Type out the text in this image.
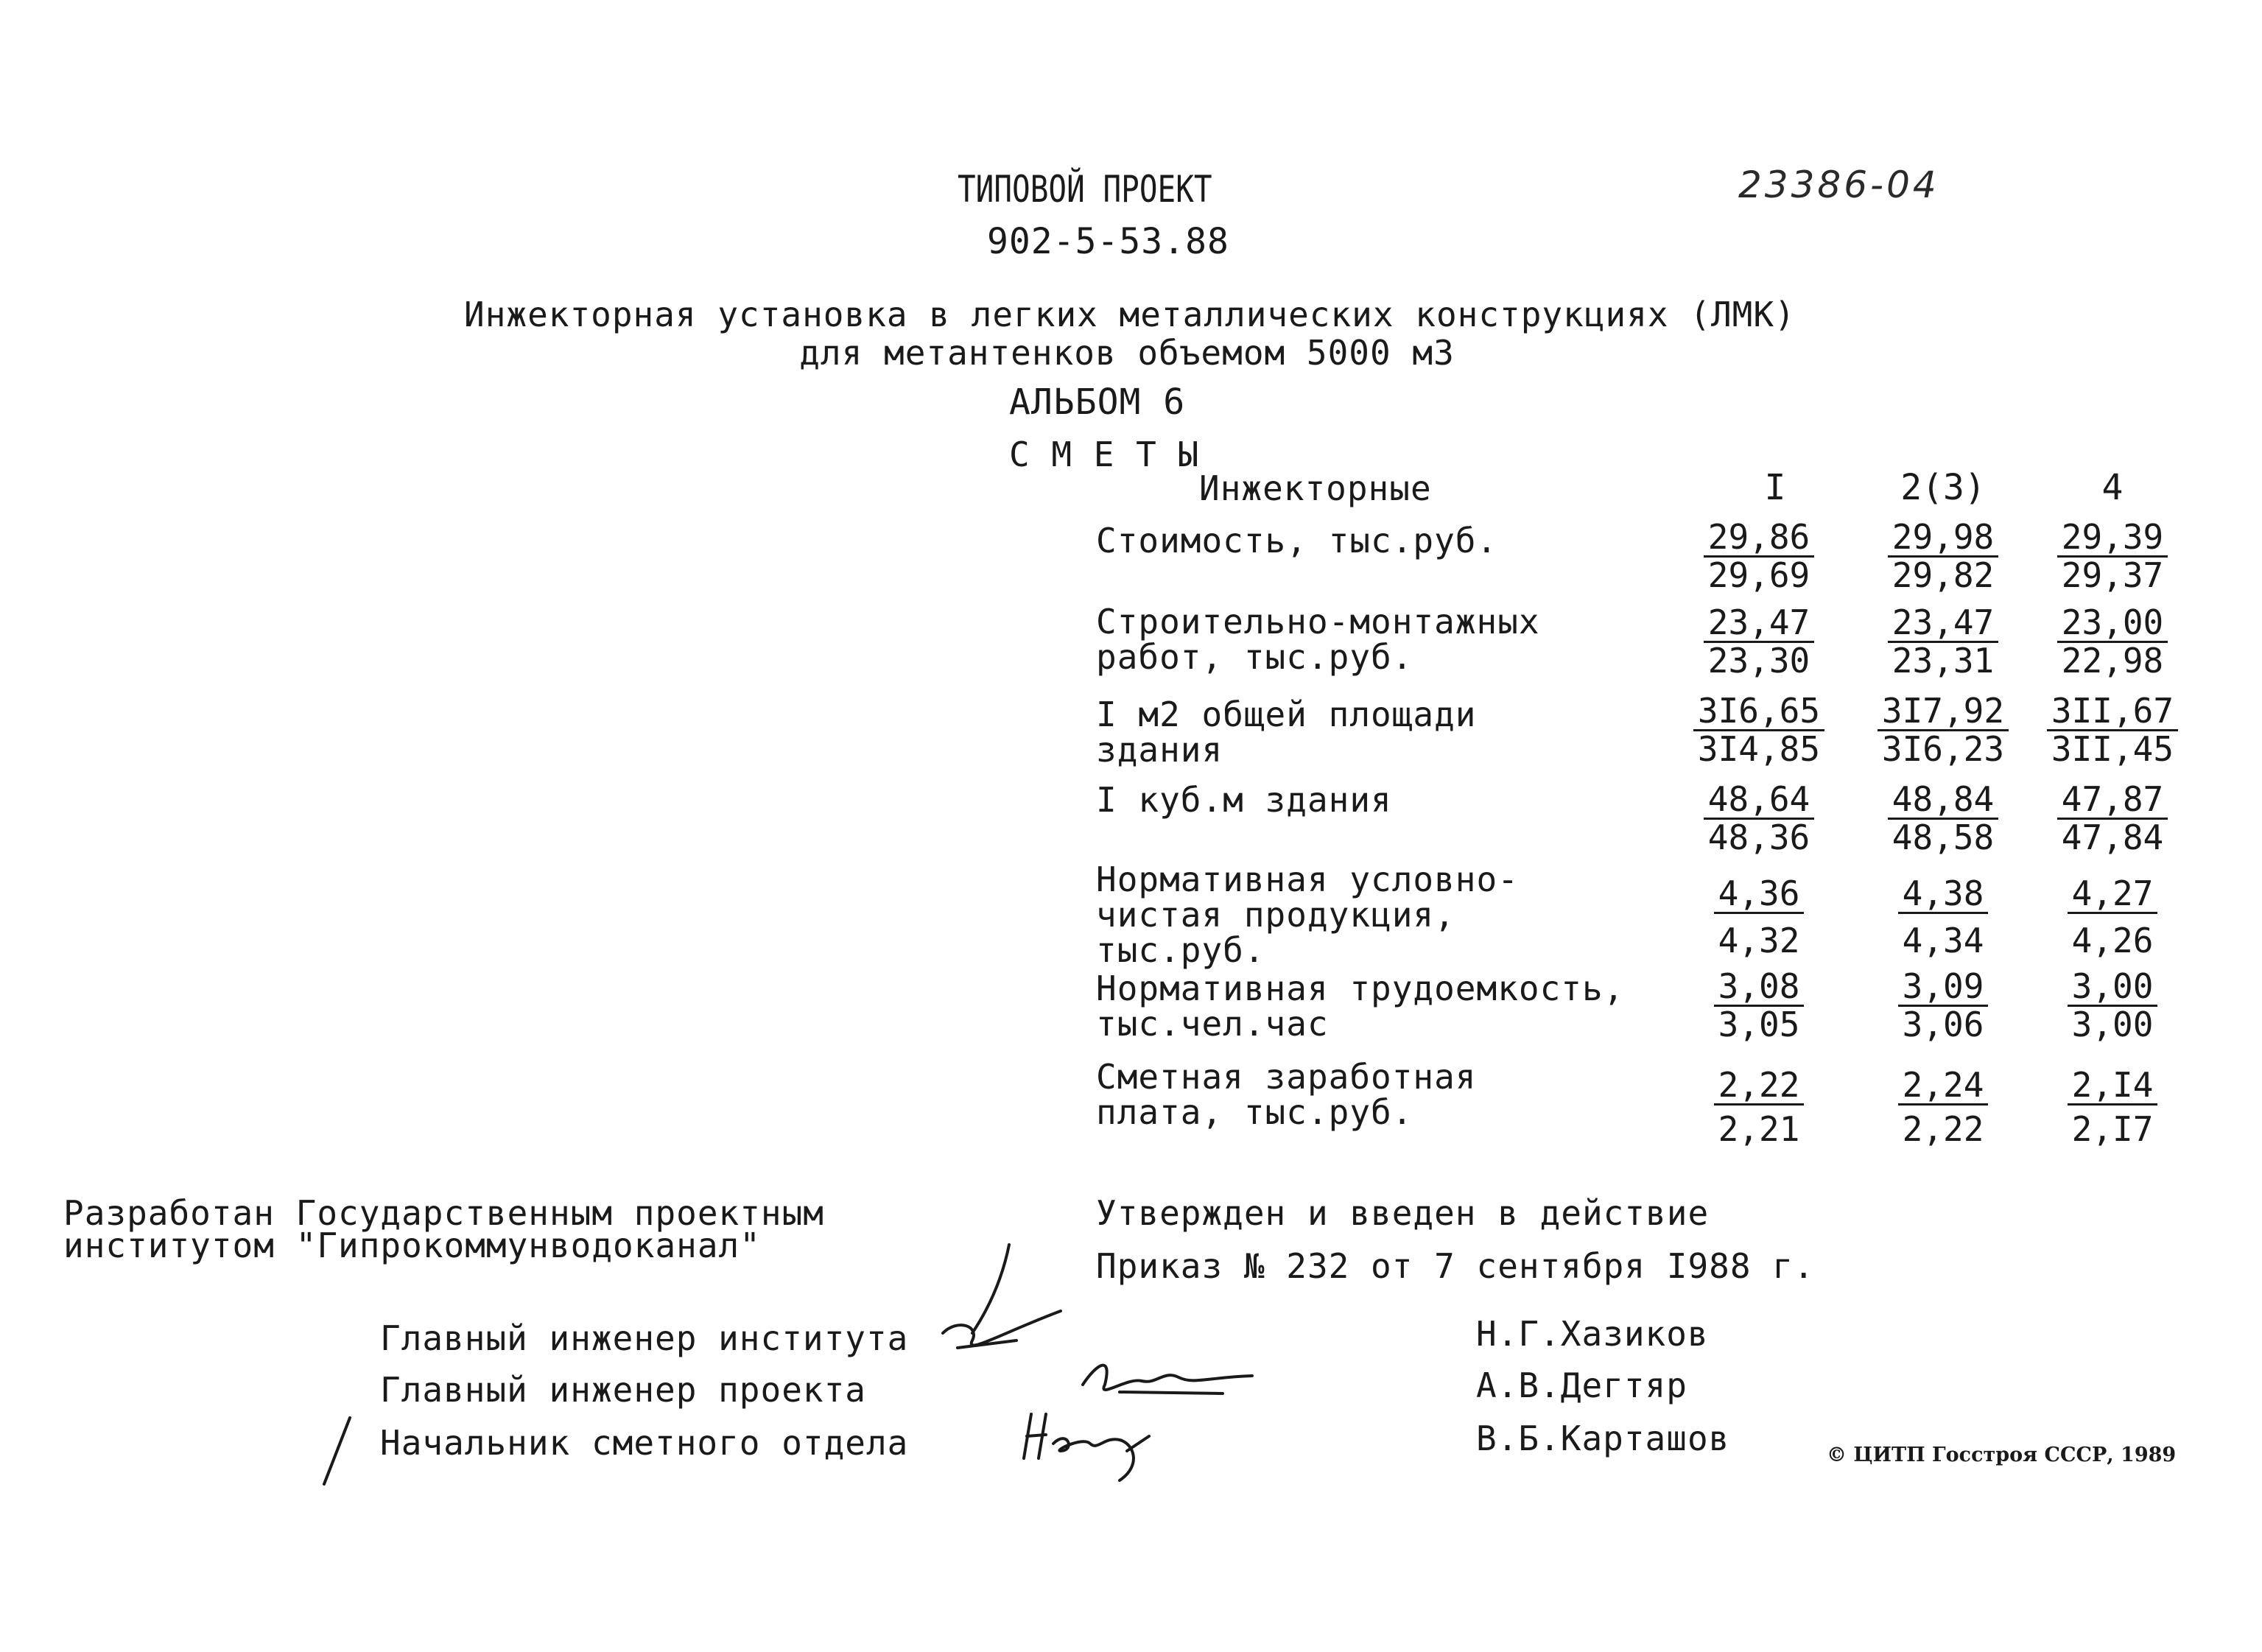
ТИПОВОЙ ПРОЕКТ	23386-04
902-5-53.88
Инжекторная установка в легких металлических конструкциях (ЛМК)
для метантенков объемом 5000 м3
АЛЬБОМ 6
С М Е Т Ы
Инжекторные	I	2(3)	4
Стоимость, тыс.руб.	$\frac{29,86}{29,69} \frac{29,98}{29,82} \frac{29,39}{29,37}$
Строительно-монтажных
работ, тыс.руб.	$\frac{23,47}{23,30} \frac{23,47}{23,31} \frac{23,00}{22,98}$
I м2 общей площади
здания	$\frac{3I6,65}{3I4,85} \frac{3I7,92}{3I6,23} \frac{3II,67}{3II,45}$
I куб.м здания	$\frac{48,64}{48,36} \frac{48,84}{48,58} \frac{47,87}{47,84}$
Нормативная условно-
чистая продукция,
тыс.руб.	$\frac{4,36}{4,32} \frac{4,38}{4,34} \frac{4,27}{4,26}$
Нормативная трудоемкость,
тыс.чел.час	$\frac{3,08}{3,05} \frac{3,09}{3,06} \frac{3,00}{3,00}$
Сметная заработная
плата, тыс.руб.	$\frac{2,22}{2,21} \frac{2,24}{2,22} \frac{2,I4}{2,I7}$
Разработан Государственным проектным
институтом "Гипрокоммунводоканал"
Утвержден и введен в действие
Приказ № 232 от 7 сентября I988 г.
Главный инженер института	Н.Г.Хазиков
Главный инженер проекта	А.В.Дегтяр
Начальник сметного отдела	В.Б.Карташов	© ЦИТП Госстроя СССР, 1989
